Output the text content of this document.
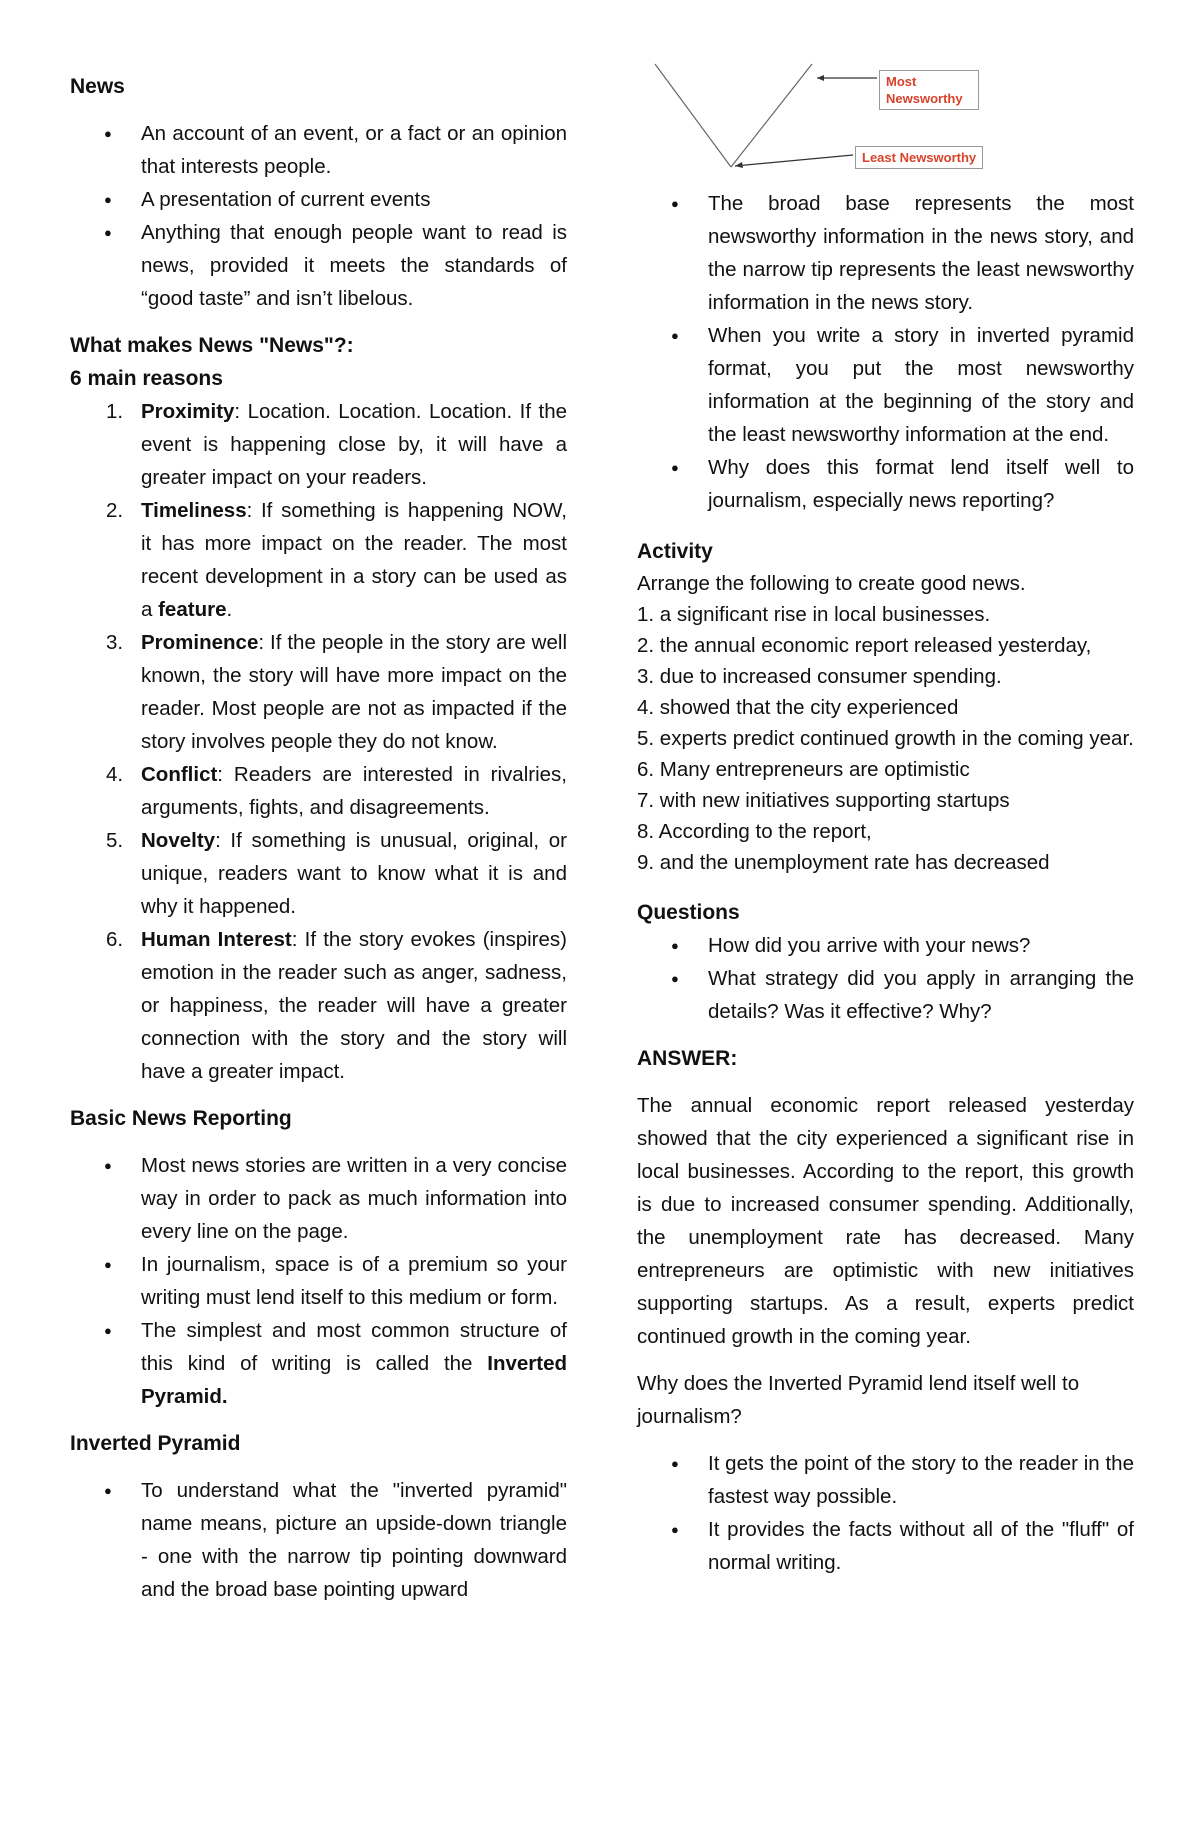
News
● An account of an event, or a fact or an opinion that interests people.
● A presentation of current events
● Anything that enough people want to read is news, provided it meets the standards of “good taste” and isn’t libelous.
What makes News "News"?:
6 main reasons
1. Proximity: Location. Location. Location. If the event is happening close by, it will have a greater impact on your readers.
2. Timeliness: If something is happening NOW, it has more impact on the reader. The most recent development in a story can be used as a feature.
3. Prominence: If the people in the story are well known, the story will have more impact on the reader. Most people are not as impacted if the story involves people they do not know.
4. Conflict: Readers are interested in rivalries, arguments, fights, and disagreements.
5. Novelty: If something is unusual, original, or unique, readers want to know what it is and why it happened.
6. Human Interest: If the story evokes (inspires) emotion in the reader such as anger, sadness, or happiness, the reader will have a greater connection with the story and the story will have a greater impact.
Basic News Reporting
● Most news stories are written in a very concise way in order to pack as much information into every line on the page.
● In journalism, space is of a premium so your writing must lend itself to this medium or form.
● The simplest and most common structure of this kind of writing is called the Inverted Pyramid.
Inverted Pyramid
● To understand what the "inverted pyramid" name means, picture an upside-down triangle - one with the narrow tip pointing downward and the broad base pointing upward
Most Newsworthy
Least Newsworthy
● The broad base represents the most newsworthy information in the news story, and the narrow tip represents the least newsworthy information in the news story.
● When you write a story in inverted pyramid format, you put the most newsworthy information at the beginning of the story and the least newsworthy information at the end.
● Why does this format lend itself well to journalism, especially news reporting?
Activity

Arrange the following to create good news.

1. a significant rise in local businesses.

2. the annual economic report released yesterday,

3. due to increased consumer spending.

4. showed that the city experienced

5. experts predict continued growth in the coming year.

6. Many entrepreneurs are optimistic

7. with new initiatives supporting startups

8. According to the report,

9. and the unemployment rate has decreased

Questions
● How did you arrive with your news?
● What strategy did you apply in arranging the details? Was it effective? Why?
ANSWER:

The annual economic report released yesterday showed that the city experienced a significant rise in local businesses. According to the report, this growth is due to increased consumer spending. Additionally, the unemployment rate has decreased. Many entrepreneurs are optimistic with new initiatives supporting startups. As a result, experts predict continued growth in the coming year.

Why does the Inverted Pyramid lend itself well to journalism?

● It gets the point of the story to the reader in the fastest way possible.
● It provides the facts without all of the "fluff" of normal writing.
